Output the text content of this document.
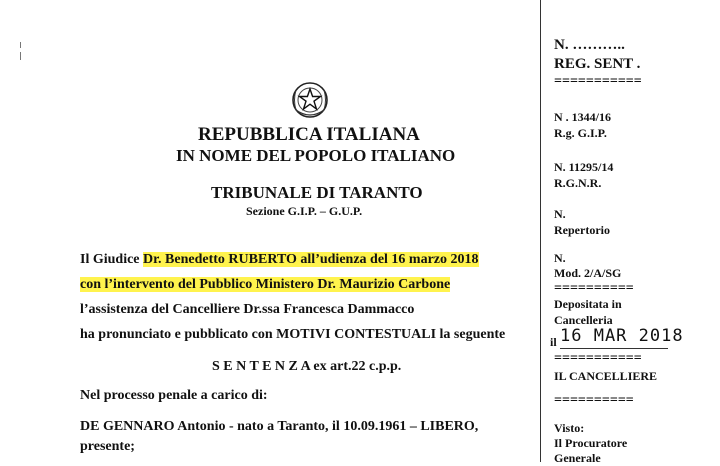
REPUBBLICA ITALIANA
IN NOME DEL POPOLO ITALIANO
TRIBUNALE DI TARANTO
Sezione G.I.P. – G.U.P.
Il Giudice Dr. Benedetto RUBERTO all’udienza del 16 marzo 2018
con l’intervento del Pubblico Ministero Dr. Maurizio Carbone
l’assistenza del Cancelliere Dr.ssa Francesca Dammacco
ha pronunciato e pubblicato con MOTIVI CONTESTUALI la seguente
S E N T E N Z A ex art.22 c.p.p.
Nel processo penale a carico di:
DE GENNARO Antonio - nato a Taranto, il 10.09.1961 – LIBERO,
presente;
N. ………..
REG. SENT .
===========
N . 1344/16
R.g. G.I.P.
N. 11295/14
R.G.N.R.
N.
Repertorio
N.
Mod. 2/A/SG
==========
Depositata in
Cancelleria
il 16 MAR 2018
===========
IL CANCELLIERE
==========
Visto:
Il Procuratore
Generale
